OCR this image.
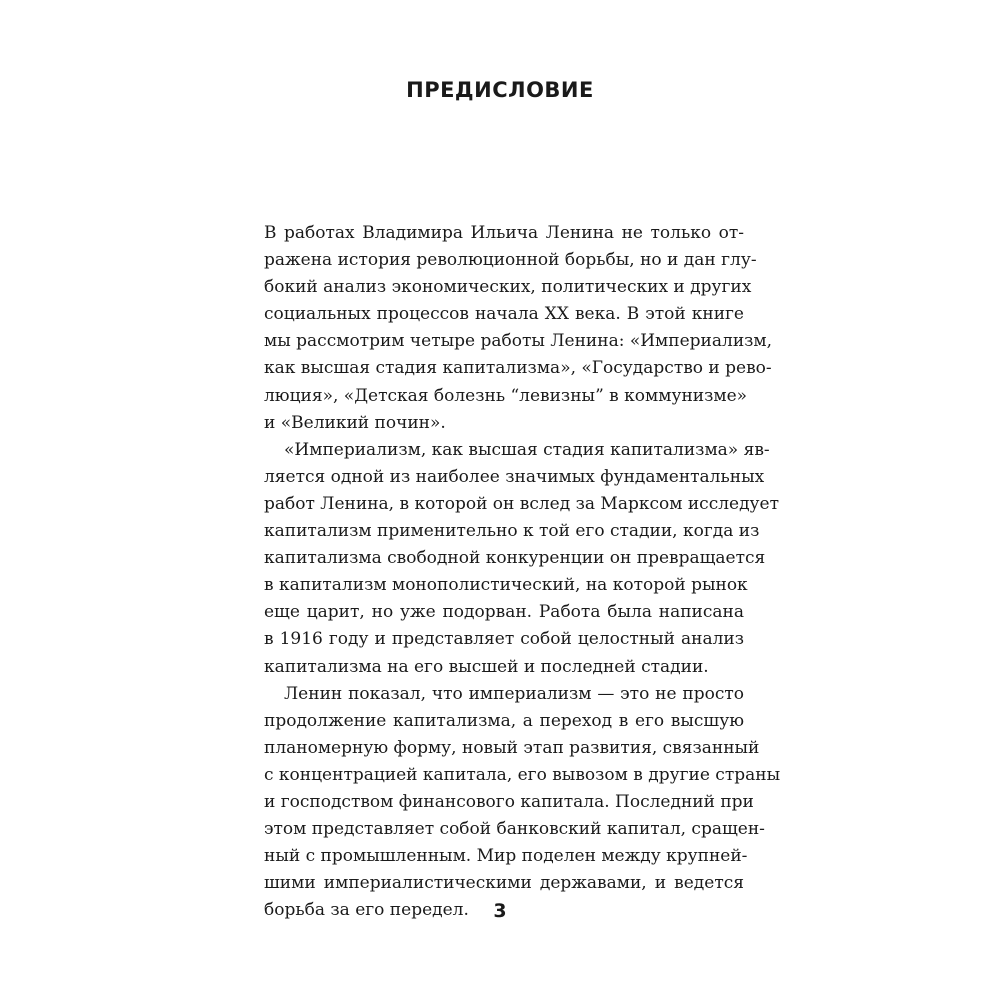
ПРЕДИСЛОВИЕ
В работах Владимира Ильича Ленина не только от-
ражена история революционной борьбы, но и дан глу-
бокий анализ экономических, политических и других
социальных процессов начала XX века. В этой книге
мы рассмотрим четыре работы Ленина: «Империализм,
как высшая стадия капитализма», «Государство и рево-
люция», «Детская болезнь “левизны” в коммунизме»
и «Великий почин».
«Империализм, как высшая стадия капитализма» яв-
ляется одной из наиболее значимых фундаментальных
работ Ленина, в которой он вслед за Марксом исследует
капитализм применительно к той его стадии, когда из
капитализма свободной конкуренции он превращается
в капитализм монополистический, на которой рынок
еще царит, но уже подорван. Работа была написана
в 1916 году и представляет собой целостный анализ
капитализма на его высшей и последней стадии.
Ленин показал, что империализм — это не просто
продолжение капитализма, а переход в его высшую
планомерную форму, новый этап развития, связанный
с концентрацией капитала, его вывозом в другие страны
и господством финансового капитала. Последний при
этом представляет собой банковский капитал, сращен-
ный с промышленным. Мир поделен между крупней-
шими империалистическими державами, и ведется
борьба за его передел.	3
